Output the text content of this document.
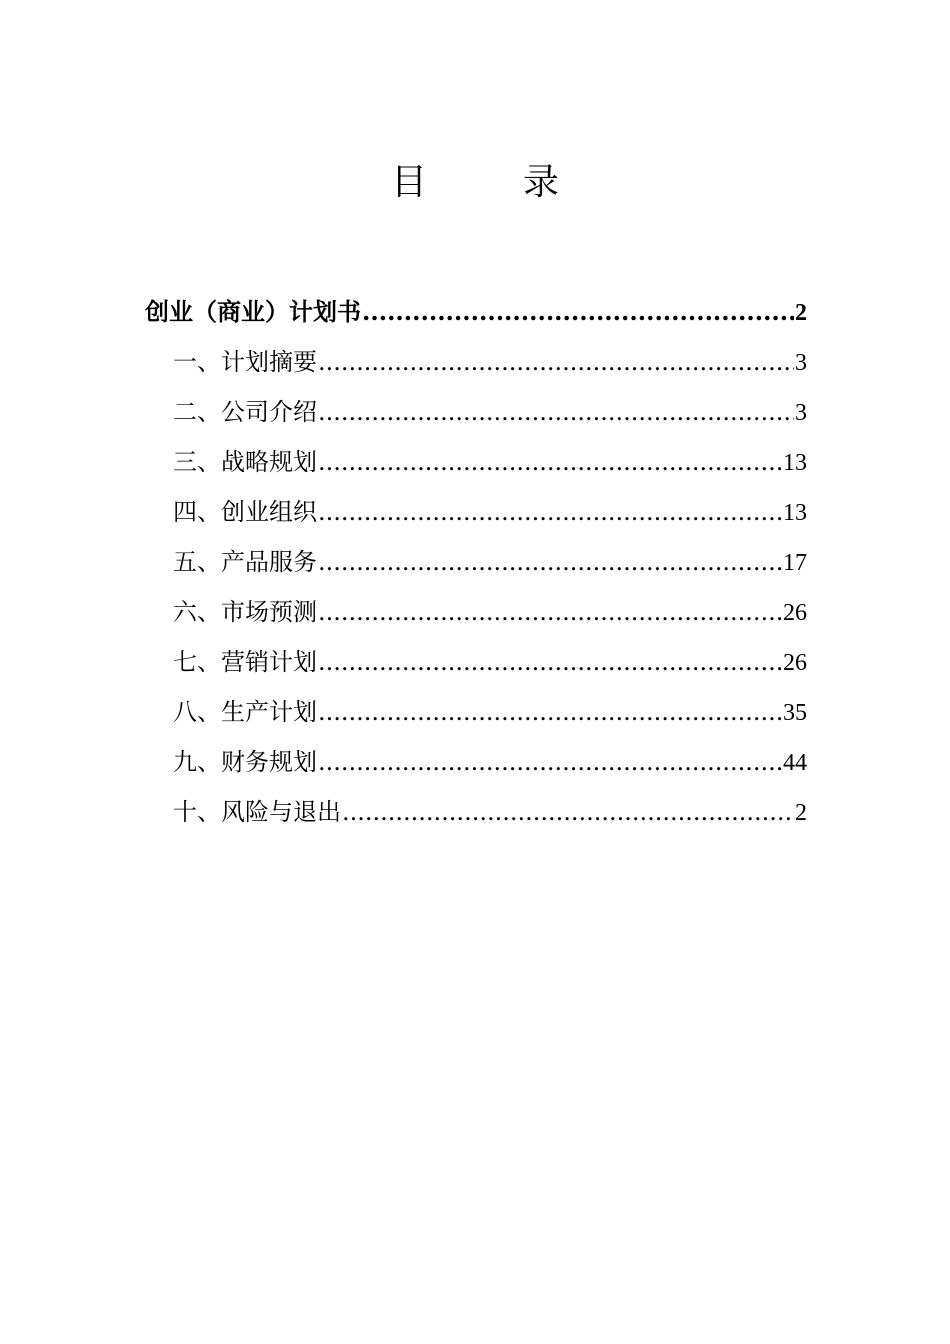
目　录
创业（商业）计划书 .....	2
一、计划摘要 .....	3
二、公司介绍 .....	3
三、战略规划 .....	13
四、创业组织 .....	13
五、产品服务 .....	17
六、市场预测 .....	26
七、营销计划 .....	26
八、生产计划 .....	35
九、财务规划 .....	44
十、风险与退出 .....	2
